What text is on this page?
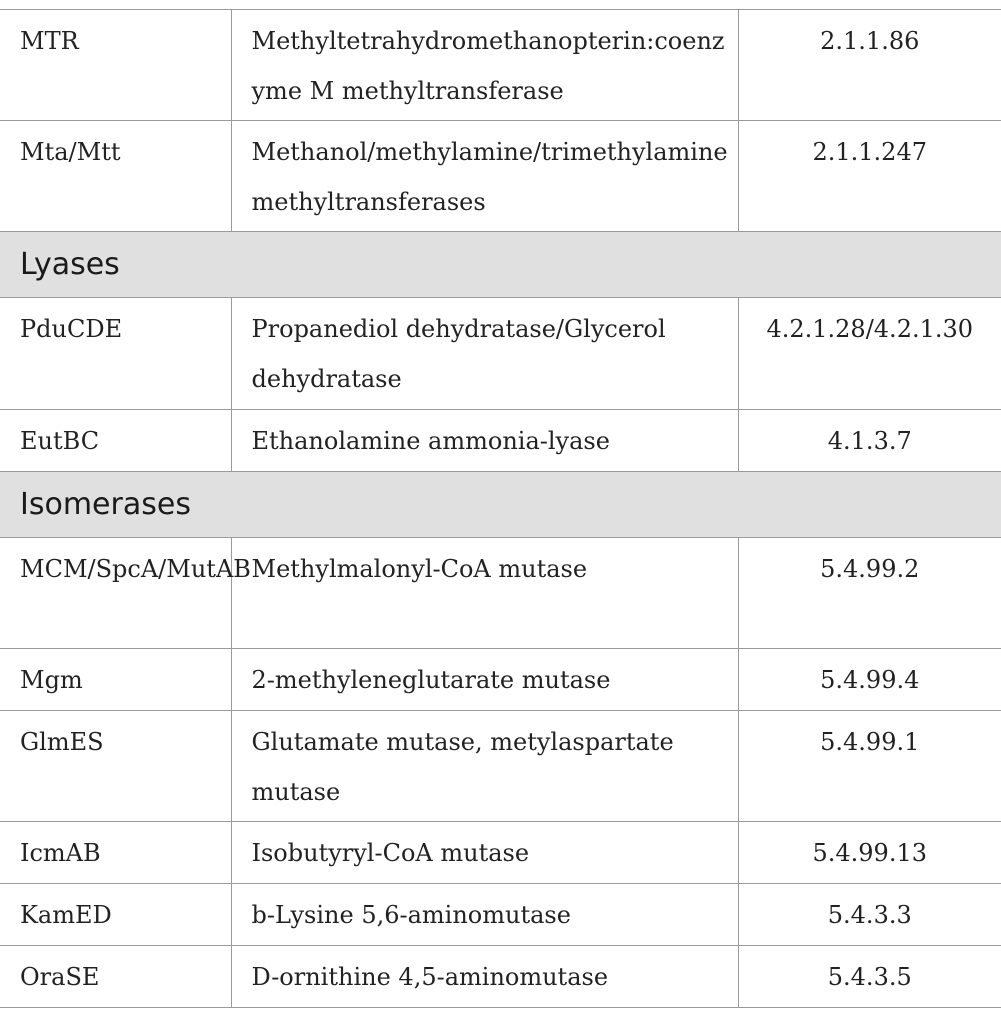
MTR	Methyltetrahydromethanopterin:coenzyme M methyltransferase	2.1.1.86
Mta/Mtt	Methanol/methylamine/trimethylamine methyltransferases	2.1.1.247
Lyases		
PduCDE	Propanediol dehydratase/Glycerol dehydratase	4.2.1.28/4.2.1.30
EutBC	Ethanolamine ammonia-lyase	4.1.3.7
Isomerases		
MCM/SpcA/MutAB	Methylmalonyl-CoA mutase	5.4.99.2
Mgm	2-methyleneglutarate mutase	5.4.99.4
GlmES	Glutamate mutase, metylaspartate mutase	5.4.99.1
IcmAB	Isobutyryl-CoA mutase	5.4.99.13
KamED	b-Lysine 5,6-aminomutase	5.4.3.3
OraSE	D-ornithine 4,5-aminomutase	5.4.3.5
